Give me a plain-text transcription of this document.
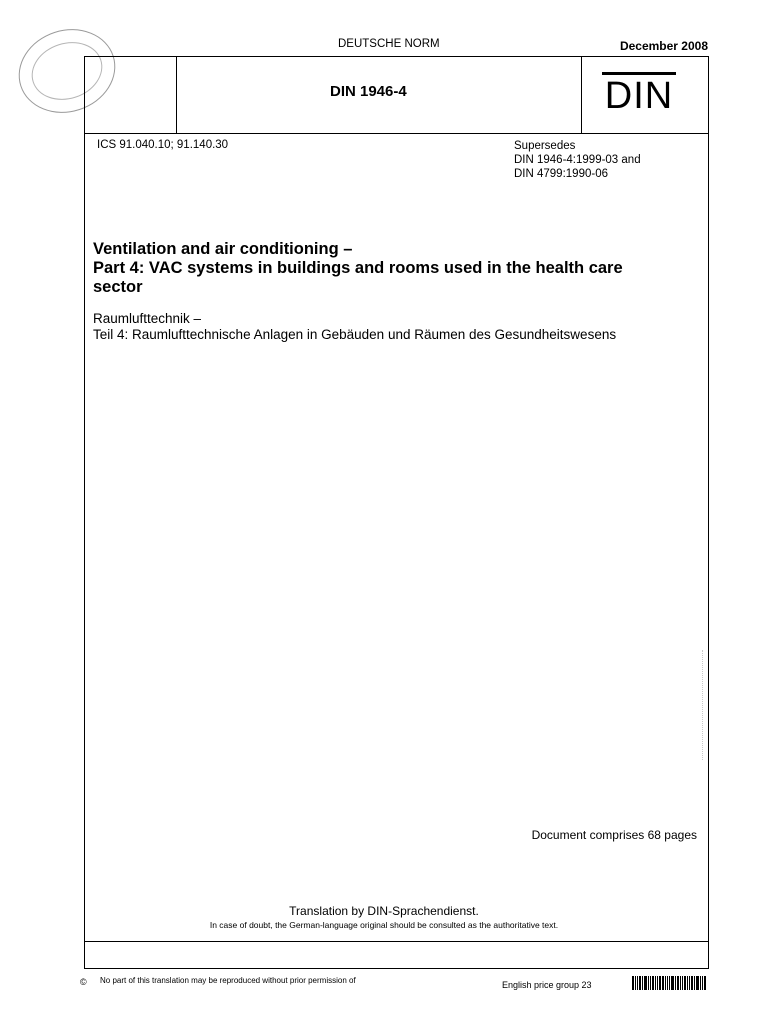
DEUTSCHE NORM	December 2008
DIN 1946-4	DIN
ICS 91.040.10; 91.140.30	Supersedes
DIN 1946-4:1999-03 and
DIN 4799:1990-06
Ventilation and air conditioning –
Part 4: VAC systems in buildings and rooms used in the health care
sector
Raumlufttechnik –
Teil 4: Raumlufttechnische Anlagen in Gebäuden und Räumen des Gesundheitswesens
Document comprises 68 pages
Translation by DIN-Sprachendienst.
In case of doubt, the German-language original should be consulted as the authoritative text.
© No part of this translation may be reproduced without prior permission of	English price group 23
